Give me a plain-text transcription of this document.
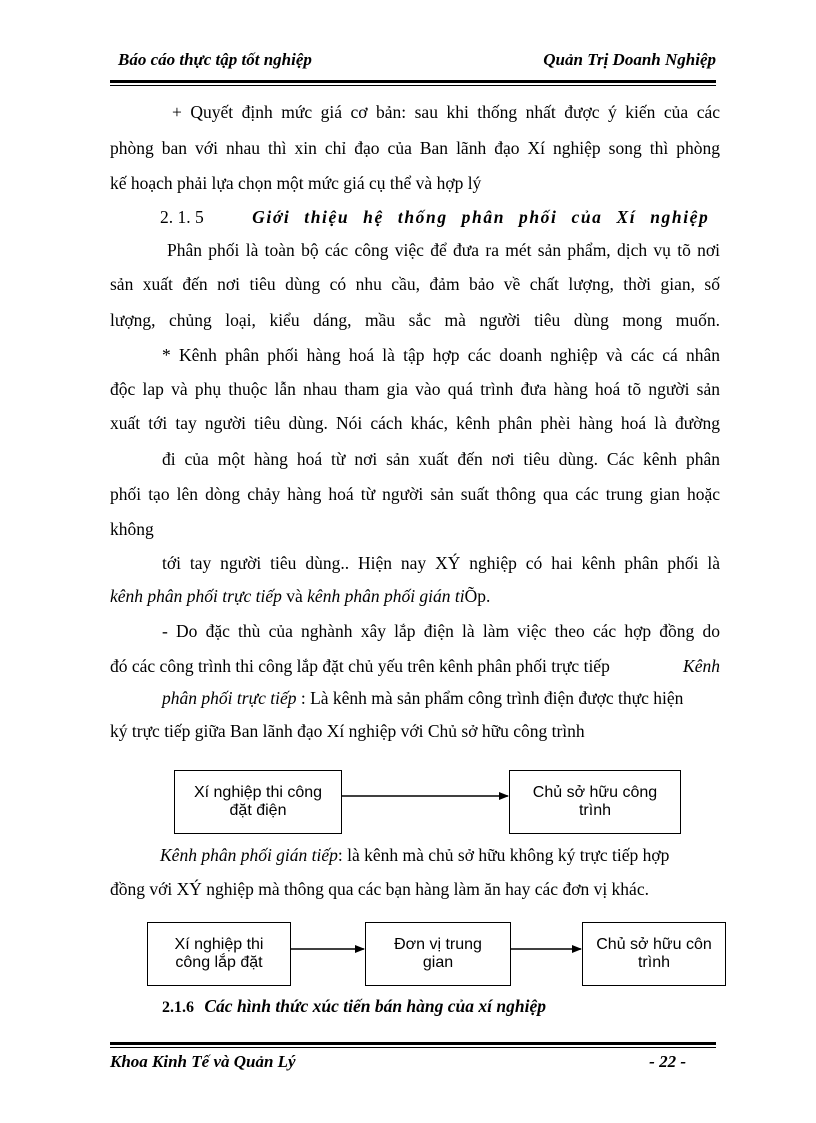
Báo cáo thực tập tốt nghiệp	Quản Trị Doanh Nghiệp
+ Quyết định mức giá cơ bản: sau khi thống nhất được ý kiến của các
phòng ban với nhau thì xin chỉ đạo của Ban lãnh đạo Xí nghiệp song thì phòng
kế hoạch phải lựa chọn một mức giá cụ thể và hợp lý
2. 1. 5	Giới thiệu hệ thống phân phối của Xí nghiệp
Phân phối là toàn bộ các công việc để đưa ra mét sản phẩm, dịch vụ tõ nơi
sản xuất đến nơi tiêu dùng có nhu cầu, đảm bảo về chất lượng, thời gian, số
lượng, chủng loại, kiểu dáng, mầu sắc mà người tiêu dùng mong muốn.
* Kênh phân phối hàng hoá là tập hợp các doanh nghiệp và các cá nhân
độc lap và phụ thuộc lẫn nhau tham gia vào quá trình đưa hàng hoá tõ người sản
xuất tới tay người tiêu dùng. Nói cách khác, kênh phân phèi hàng hoá là đường
đi của một hàng hoá từ nơi sản xuất đến nơi tiêu dùng. Các kênh phân
phối tạo lên dòng chảy hàng hoá từ người sản suất thông qua các trung gian hoặc
không
tới tay người tiêu dùng.. Hiện nay XÝ nghiệp có hai kênh phân phối là
kênh phân phối trực tiếp và kênh phân phối gián tiÕp.
- Do đặc thù của nghành xây lắp điện là làm việc theo các hợp đồng do
đó các công trình thi công lắp đặt chủ yếu trên kênh phân phối trực tiếp	Kênh
phân phối trực tiếp : Là kênh mà sản phẩm công trình điện được thực hiện
ký trực tiếp giữa Ban lãnh đạo Xí nghiệp với Chủ sở hữu công trình
Xí nghiệp thi công
đặt điện
Chủ sở hữu công
trình
Kênh phân phối gián tiếp: là kênh mà chủ sở hữu không ký trực tiếp hợp
đồng với XÝ nghiệp mà thông qua các bạn hàng làm ăn hay các đơn vị khác.
Xí nghiệp thi
công lắp đặt
Đơn vị trung
gian
Chủ sở hữu côn
trình
2.1.6 Các hình thức xúc tiến bán hàng của xí nghiệp
Khoa Kinh Tế và Quản Lý	- 22 -
